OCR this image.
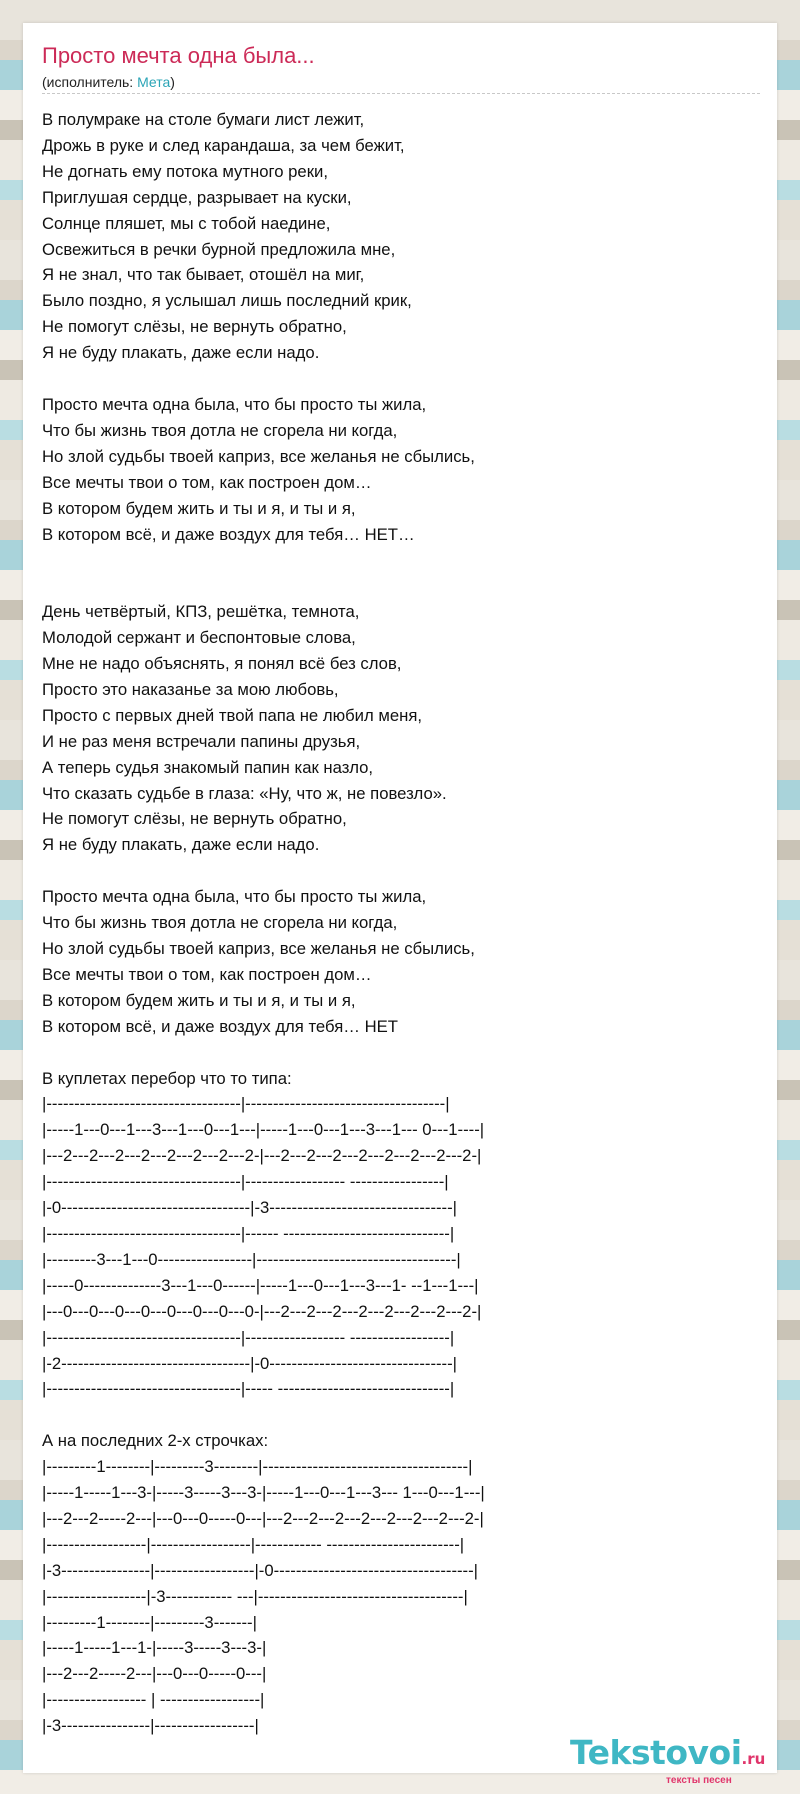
Просто мечта одна была...
(исполнитель: Мета)
В полумраке на столе бумаги лист лежит,
Дрожь в руке и след карандаша, за чем бежит,
Не догнать ему потока мутного реки,
Приглушая сердце, разрывает на куски,
Солнце пляшет, мы с тобой наедине,
Освежиться в речки бурной предложила мне,
Я не знал, что так бывает, отошёл на миг,
Было поздно, я услышал лишь последний крик,
Не помогут слёзы, не вернуть обратно,
Я не буду плакать, даже если надо.

Просто мечта одна была, что бы просто ты жила,
Что бы жизнь твоя дотла не сгорела ни когда,
Но злой судьбы твоей каприз, все желанья не сбылись,
Все мечты твои о том, как построен дом…
В котором будем жить и ты и я, и ты и я,
В котором всё, и даже воздух для тебя… НЕТ…

День четвёртый, КПЗ, решётка, темнота,
Молодой сержант и беспонтовые слова,
Мне не надо объяснять, я понял всё без слов,
Просто это наказанье за мою любовь,
Просто с первых дней твой папа не любил меня,
И не раз меня встречали папины друзья,
А теперь судья знакомый папин как назло,
Что сказать судьбе в глаза: «Ну, что ж, не повезло».
Не помогут слёзы, не вернуть обратно,
Я не буду плакать, даже если надо.

Просто мечта одна была, что бы просто ты жила,
Что бы жизнь твоя дотла не сгорела ни когда,
Но злой судьбы твоей каприз, все желанья не сбылись,
Все мечты твои о том, как построен дом…
В котором будем жить и ты и я, и ты и я,
В котором всё, и даже воздух для тебя… НЕТ

В куплетах перебор что то типа:
|-----------------------------------|------------------------------------|
|-----1---0---1---3---1---0---1---|-----1---0---1---3---1--- 0---1----|
|---2---2---2---2---2---2---2---2-|---2---2---2---2---2---2---2---2-|
|-----------------------------------|------------------ -----------------|
|-0----------------------------------|-3---------------------------------|
|-----------------------------------|------ ------------------------------|
|---------3---1---0-----------------|------------------------------------|
|-----0--------------3---1---0------|-----1---0---1---3---1- --1---1---|
|---0---0---0---0---0---0---0---0-|---2---2---2---2---2---2---2---2-|
|-----------------------------------|------------------ ------------------|
|-2----------------------------------|-0---------------------------------|
|-----------------------------------|----- -------------------------------|

А на последних 2-х строчках:
|---------1--------|---------3--------|-------------------------------------|
|-----1-----1---3-|-----3-----3---3-|-----1---0---1---3--- 1---0---1---|
|---2---2-----2---|---0---0-----0---|---2---2---2---2---2---2---2---2-|
|------------------|------------------|------------ ------------------------|
|-3----------------|------------------|-0------------------------------------|
|------------------|-3------------ ---|-------------------------------------|
|---------1--------|---------3-------|
|-----1-----1---1-|-----3-----3---3-|
|---2---2-----2---|---0---0-----0---|
|------------------ | ------------------|
|-3----------------|------------------|
Tekstovoi.ru
тексты песен
